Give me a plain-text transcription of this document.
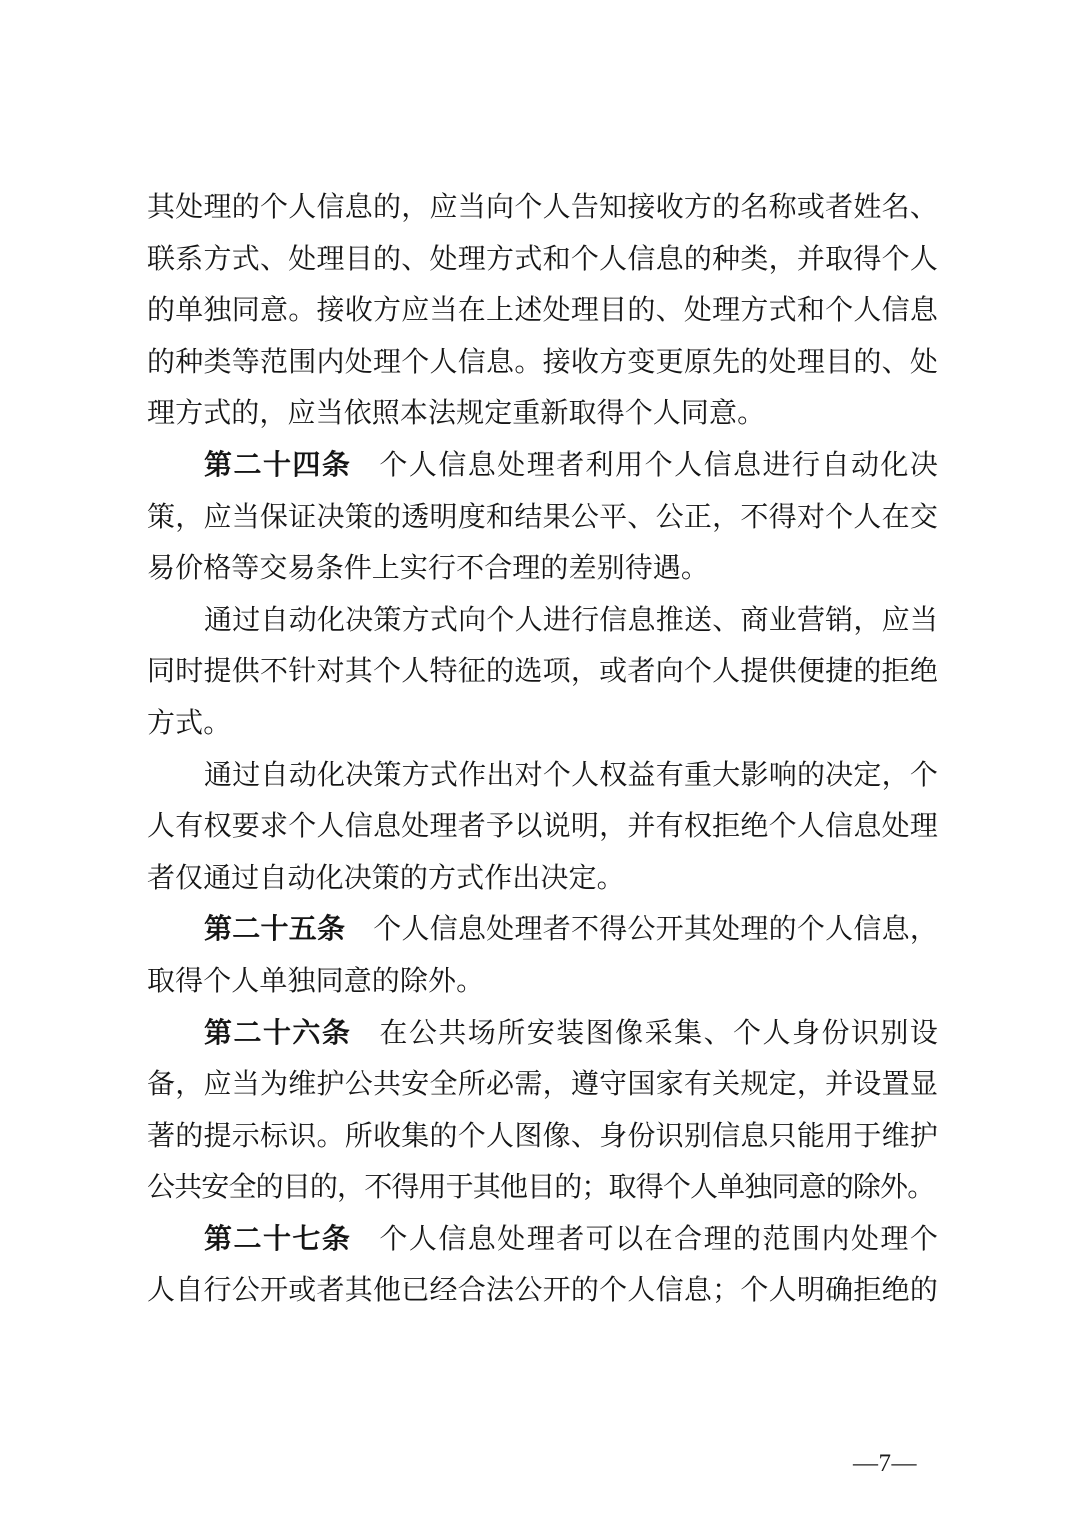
其处理的个人信息的，应当向个人告知接收方的名称或者姓名、
联系方式、处理目的、处理方式和个人信息的种类，并取得个人
的单独同意。接收方应当在上述处理目的、处理方式和个人信息
的种类等范围内处理个人信息。接收方变更原先的处理目的、处
理方式的，应当依照本法规定重新取得个人同意。
第二十四条 个人信息处理者利用个人信息进行自动化决
策，应当保证决策的透明度和结果公平、公正，不得对个人在交
易价格等交易条件上实行不合理的差别待遇。
通过自动化决策方式向个人进行信息推送、商业营销，应当
同时提供不针对其个人特征的选项，或者向个人提供便捷的拒绝
方式。
通过自动化决策方式作出对个人权益有重大影响的决定，个
人有权要求个人信息处理者予以说明，并有权拒绝个人信息处理
者仅通过自动化决策的方式作出决定。
第二十五条 个人信息处理者不得公开其处理的个人信息，
取得个人单独同意的除外。
第二十六条 在公共场所安装图像采集、个人身份识别设
备，应当为维护公共安全所必需，遵守国家有关规定，并设置显
著的提示标识。所收集的个人图像、身份识别信息只能用于维护
公共安全的目的，不得用于其他目的；取得个人单独同意的除外。
第二十七条 个人信息处理者可以在合理的范围内处理个
人自行公开或者其他已经合法公开的个人信息；个人明确拒绝的
—7—
